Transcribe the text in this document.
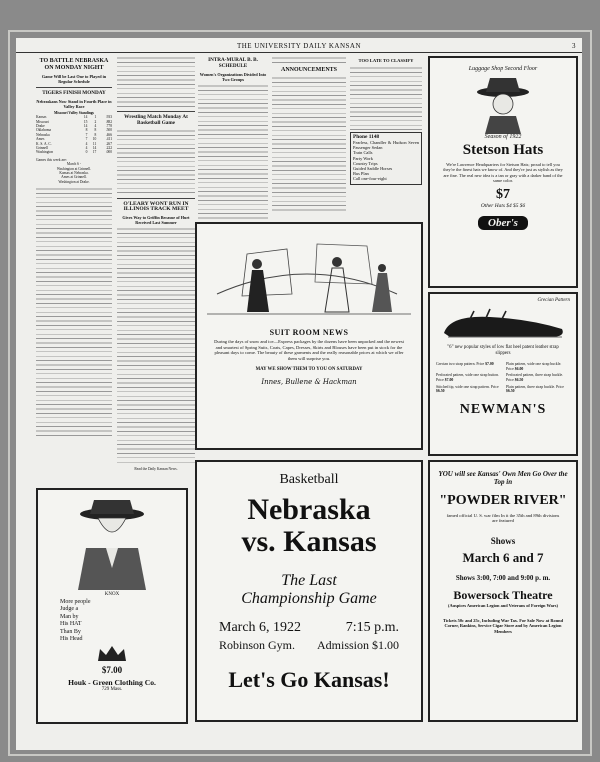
THE UNIVERSITY DAILY KANSAN	3
TO BATTLE NEBRASKA ON MONDAY NIGHT
Game Will be Last One to Played in Regular Schedule
TIGERS FINISH MONDAY
Nebraskans Now Stand in Fourth Place in Valley Race
Missouri Valley Standings
Kansas	14	1	.933
Missouri	15	2	.882
Drake	14	4	.778
Oklahoma	8	8	.500
Nebraska	7	8	.466
Ames	7	10	.411
K. S. A. C.	4	11	.267
Grinnell	4	14	.222
Washington	0	17	.000
Games this week are:
March 6 -
Washington at Grinnell.
Kansas at Nebraska.
Ames at Grinnell.
Washington at Drake.
Wrestling Match Monday At Basketball Game
O'LEARY WONT RUN IN ILLINOIS TRACK MEET
Gives Way to Griffin Because of Hurt Received Last Summer
Read the Daily Kansan News.
INTRA-MURAL B. B. SCHEDULE
Women's Organizations Divided Into Two Groups
ANNOUNCEMENTS
TOO LATE TO CLASSIFY
Phone 1148
Fearless, Chandler & Hudson Seven Passenger Sedan
Train Calls
Party Work
Country Trips
Guided Saddle Horses
Bus Plan
Call one-four-eight
SUIT ROOM NEWS
During the days of snow and ice—Express packages by the dozens have been unpacked and the newest and smartest of Spring Suits, Coats, Capes, Dresses, Skirts and Blouses have been put in stock for the pleasant days to come. The beauty of these garments and the really reasonable prices at which we offer them will surprise you.
MAY WE SHOW THEM TO YOU ON SATURDAY
Innes, Bullene & Hackman
Luggage Shop Second Floor
Season of 1922
Stetson Hats
We're Lawrence Headquarters for Stetson Hats; proud to tell you they're the finest hats we know of. And they're just as stylish as they are fine. The real new idea is a tan or gray with a darker band of the same color.
$7
Other Hats $4 $5 $6
Ober's
Grecian Pattern
"6" new popular styles of low flat heel patent leather strap slippers
Grecian two strap pattern. Price $7.00	Plain pattern, wide one strap buckle. Price $6.00
Perforated pattern, wide one strap button. Price $7.00
Perforated pattern, three strap buckle. Price $6.50
Stitched tip, wide one strap pattern. Price $6.50
Plain pattern, three strap buckle. Price $6.50
NEWMAN'S
KNOX
More people
Judge a
Man by
His HAT
Than By
His Head
$7.00
Houk - Green Clothing Co.
729 Mass.
Basketball
Nebraska
vs. Kansas
The Last
Championship Game
March 6, 1922	7:15 p.m.
Robinson Gym. Admission $1.00
Let's Go Kansas!
YOU will see Kansas' Own Men Go Over the Top in
"POWDER RIVER"
famed official U. S. war film In it the 35th and 89th divisions are featured
Shows
March 6 and 7
Shows 3:00, 7:00 and 9:00 p. m.
Bowersock Theatre
(Auspices American Legion and Veterans of Foreign Wars)
Tickets 50c and 25c, Including War Tax. For Sale Now at Round Corner, Rankins, Service Cigar Store and by American Legion Members
